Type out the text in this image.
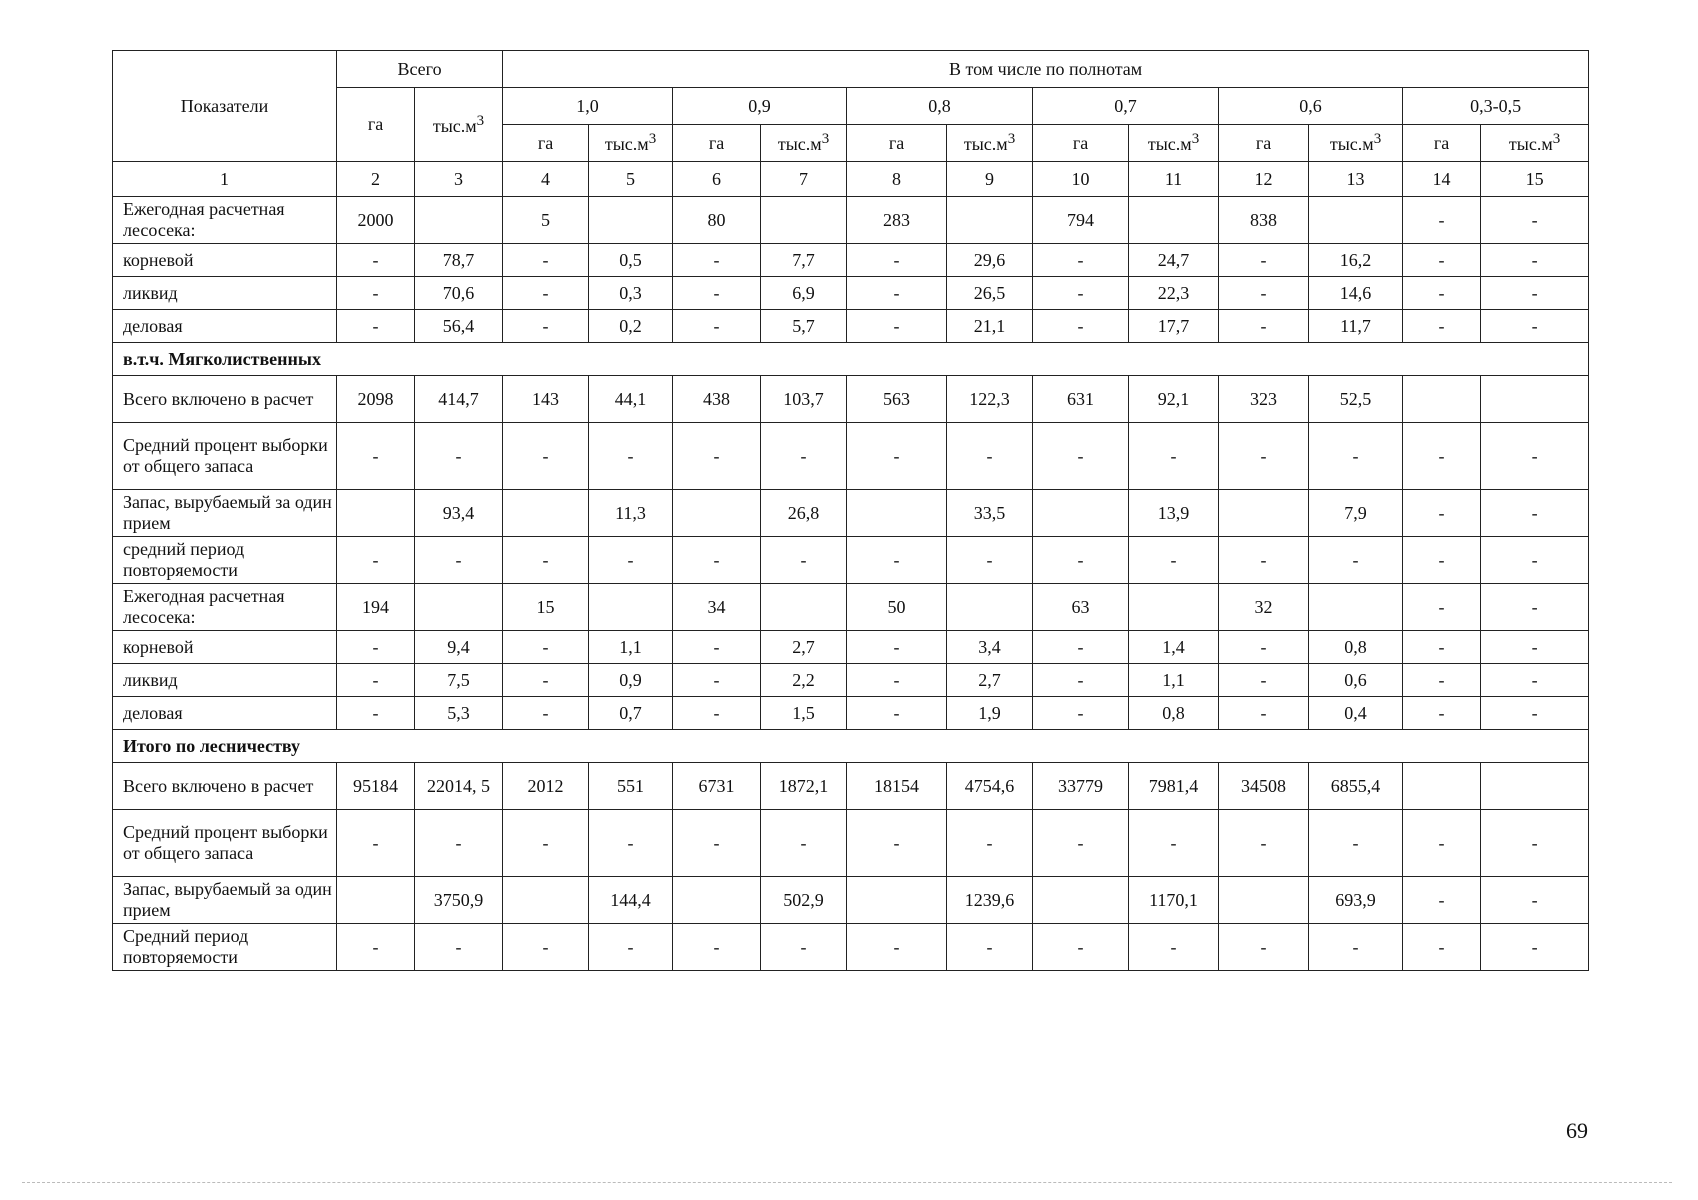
Показатели	Всего		В том числе по полнотам											
	га	$тыс.м^3$	1,0		0,9		0,8		0,7		0,6		0,3-0,5	
			га	$тыс.м^3$	га	$тыс.м^3$	га	$тыс.м^3$	га	$тыс.м^3$	га	$тыс.м^3$	га	$тыс.м^3$
1	2	3	4	5	6	7	8	9	10	11	12	13	14	15
Ежегодная расчетная лесосека:	2000		5		80		283		794		838		-	-
корневой	-	78,7	-	0,5	-	7,7	-	29,6	-	24,7	-	16,2	-	-
ликвид	-	70,6	-	0,3	-	6,9	-	26,5	-	22,3	-	14,6	-	-
деловая	-	56,4	-	0,2	-	5,7	-	21,1	-	17,7	-	11,7	-	-
в.т.ч. Мягколиственных														
Всего включено в расчет	2098	414,7	143	44,1	438	103,7	563	122,3	631	92,1	323	52,5		
Средний процент выборки от общего запаса	-	-	-	-	-	-	-	-	-	-	-	-	-	-
Запас, вырубаемый за один прием		93,4		11,3		26,8		33,5		13,9		7,9	-	-
средний период повторяемости	-	-	-	-	-	-	-	-	-	-	-	-	-	-
Ежегодная расчетная лесосека:	194		15		34		50		63		32		-	-
корневой	-	9,4	-	1,1	-	2,7	-	3,4	-	1,4	-	0,8	-	-
ликвид	-	7,5	-	0,9	-	2,2	-	2,7	-	1,1	-	0,6	-	-
деловая	-	5,3	-	0,7	-	1,5	-	1,9	-	0,8	-	0,4	-	-
Итого по лесничеству														
Всего включено в расчет	95184	22014, 5	2012	551	6731	1872,1	18154	4754,6	33779	7981,4	34508	6855,4		
Средний процент выборки от общего запаса	-	-	-	-	-	-	-	-	-	-	-	-	-	-
Запас, вырубаемый за один прием		3750,9		144,4		502,9		1239,6		1170,1		693,9	-	-
Средний период повторяемости	-	-	-	-	-	-	-	-	-	-	-	-	-	-
69
